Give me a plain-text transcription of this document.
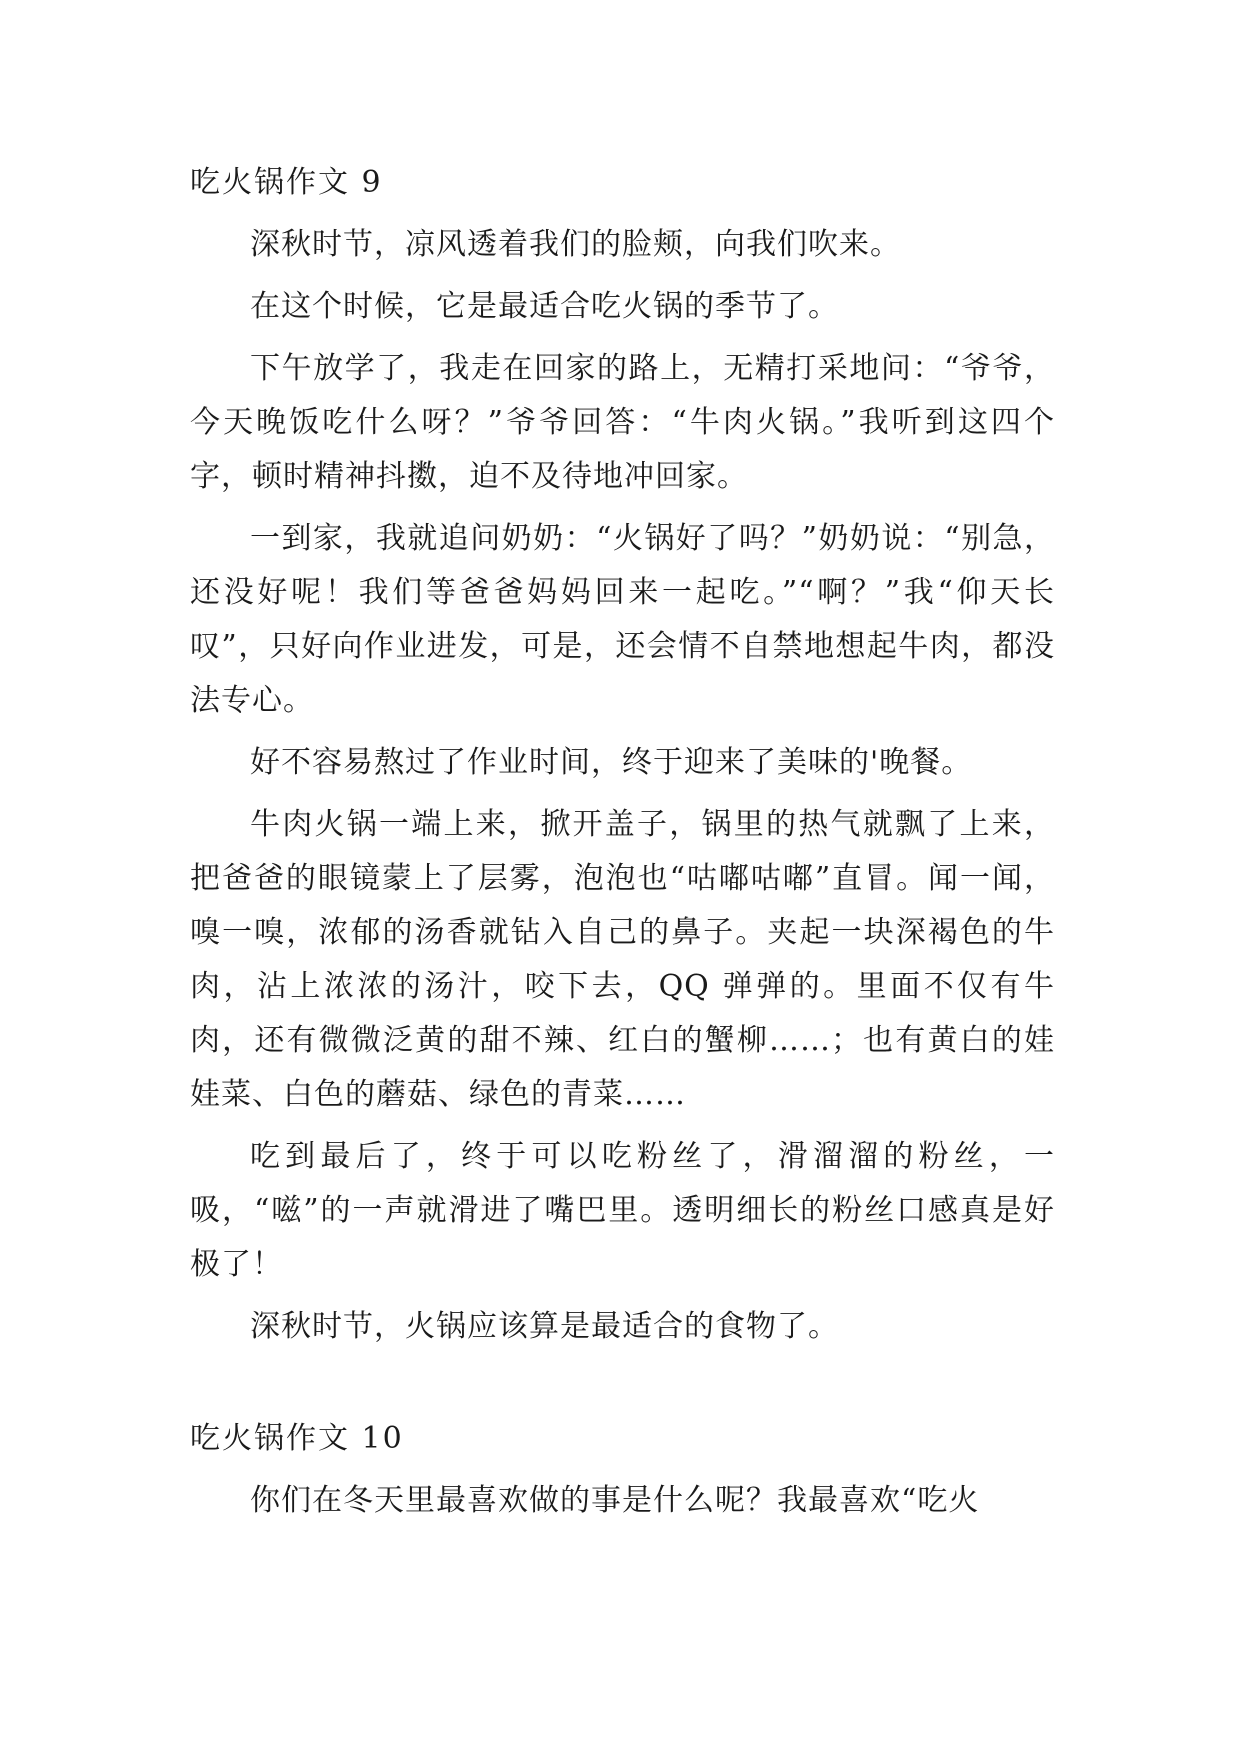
吃火锅作文 9

深秋时节，凉风透着我们的脸颊，向我们吹来。

在这个时候，它是最适合吃火锅的季节了。

下午放学了，我走在回家的路上，无精打采地问：“爷爷，今天晚饭吃什么呀？”爷爷回答：“牛肉火锅。”我听到这四个字，顿时精神抖擞，迫不及待地冲回家。

一到家，我就追问奶奶：“火锅好了吗？”奶奶说：“别急，还没好呢！我们等爸爸妈妈回来一起吃。”“啊？”我“仰天长叹”，只好向作业进发，可是，还会情不自禁地想起牛肉，都没法专心。

好不容易熬过了作业时间，终于迎来了美味的'晚餐。

牛肉火锅一端上来，掀开盖子，锅里的热气就飘了上来，把爸爸的眼镜蒙上了层雾，泡泡也“咕嘟咕嘟”直冒。闻一闻，嗅一嗅，浓郁的汤香就钻入自己的鼻子。夹起一块深褐色的牛肉，沾上浓浓的汤汁，咬下去，QQ 弹弹的。里面不仅有牛肉，还有微微泛黄的甜不辣、红白的蟹柳……；也有黄白的娃娃菜、白色的蘑菇、绿色的青菜……

吃到最后了，终于可以吃粉丝了，滑溜溜的粉丝，一吸，“嗞”的一声就滑进了嘴巴里。透明细长的粉丝口感真是好极了！

深秋时节，火锅应该算是最适合的食物了。

吃火锅作文 10

你们在冬天里最喜欢做的事是什么呢？我最喜欢“吃火
